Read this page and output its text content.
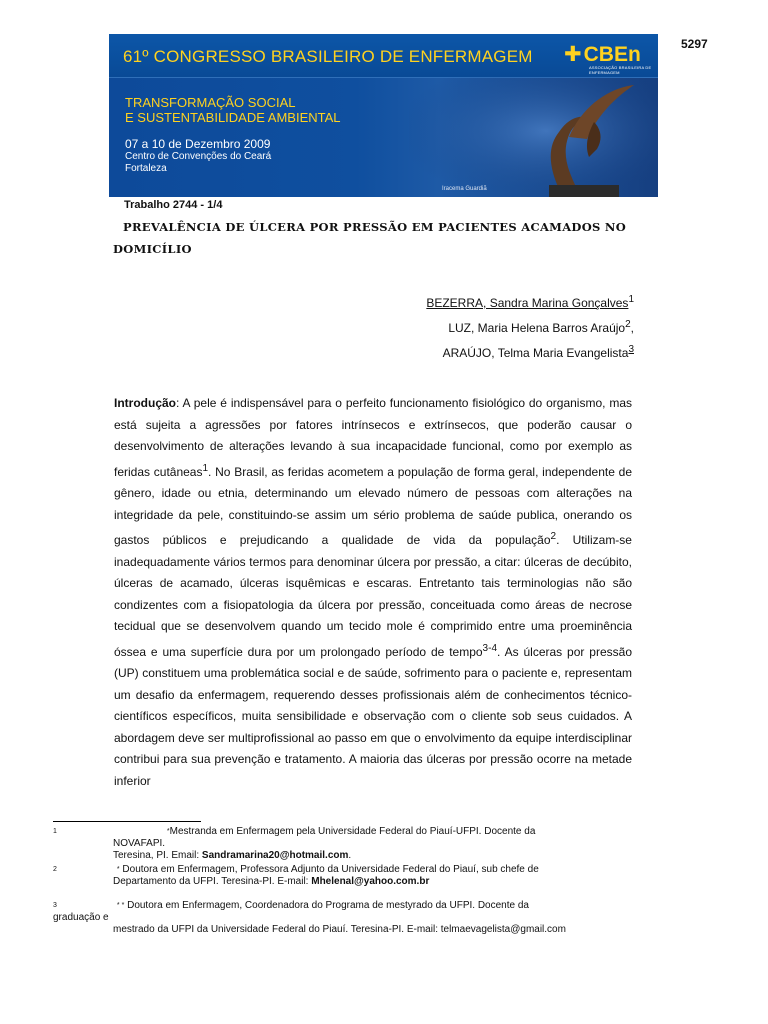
5297
61º CONGRESSO BRASILEIRO DE ENFERMAGEM ✚CBEn
ASSOCIAÇÃO BRASILEIRA DE ENFERMAGEM
TRANSFORMAÇÃO SOCIAL
E SUSTENTABILIDADE AMBIENTAL
07 a 10 de Dezembro 2009
Centro de Convenções do Ceará
Fortaleza
Iracema Guardiã
Trabalho 2744 - 1/4
PREVALÊNCIA DE ÚLCERA POR PRESSÃO EM PACIENTES ACAMADOS NO
DOMICÍLIO
BEZERRA, Sandra Marina Gonçalves$^1$
LUZ, Maria Helena Barros Araújo$^2$,
ARAÚJO, Telma Maria Evangelista$^3$
Introdução: A pele é indispensável para o perfeito funcionamento fisiológico do organismo, mas está sujeita a agressões por fatores intrínsecos e extrínsecos, que poderão causar o desenvolvimento de alterações levando à sua incapacidade funcional, como por exemplo as feridas cutâneas$^1$. No Brasil, as feridas acometem a população de forma geral, independente de gênero, idade ou etnia, determinando um elevado número de pessoas com alterações na integridade da pele, constituindo-se assim um sério problema de saúde publica, onerando os gastos públicos e prejudicando a qualidade de vida da população$^2$. Utilizam-se inadequadamente vários termos para denominar úlcera por pressão, a citar: úlceras de decúbito, úlceras de acamado, úlceras isquêmicas e escaras. Entretanto tais terminologias não são condizentes com a fisiopatologia da úlcera por pressão, conceituada como áreas de necrose tecidual que se desenvolvem quando um tecido mole é comprimido entre uma proeminência óssea e uma superfície dura por um prolongado período de tempo$^{3-4}$. As úlceras por pressão (UP) constituem uma problemática social e de saúde, sofrimento para o paciente e, representam um desafio da enfermagem, requerendo desses profissionais além de conhecimentos técnico-científicos específicos, muita sensibilidade e observação com o cliente sob seus cuidados. A abordagem deve ser multiprofissional ao passo em que o envolvimento da equipe interdisciplinar contribui para sua prevenção e tratamento. A maioria das úlceras por pressão ocorre na metade inferior
$^1$	*Mestranda em Enfermagem pela Universidade Federal do Piauí-UFPI. Docente da
NOVAFAPI.
Teresina, PI. Email: Sandramarina20@hotmail.com.
$^2$	* Doutora em Enfermagem, Professora Adjunto da Universidade Federal do Piauí, sub chefe de
Departamento da UFPI. Teresina-PI. E-mail: Mhelenal@yahoo.com.br
$^3$	* * Doutora em Enfermagem, Coordenadora do Programa de mestyrado da UFPI. Docente da
graduação e
mestrado da UFPI da Universidade Federal do Piauí. Teresina-PI. E-mail: telmaevagelista@gmail.com
